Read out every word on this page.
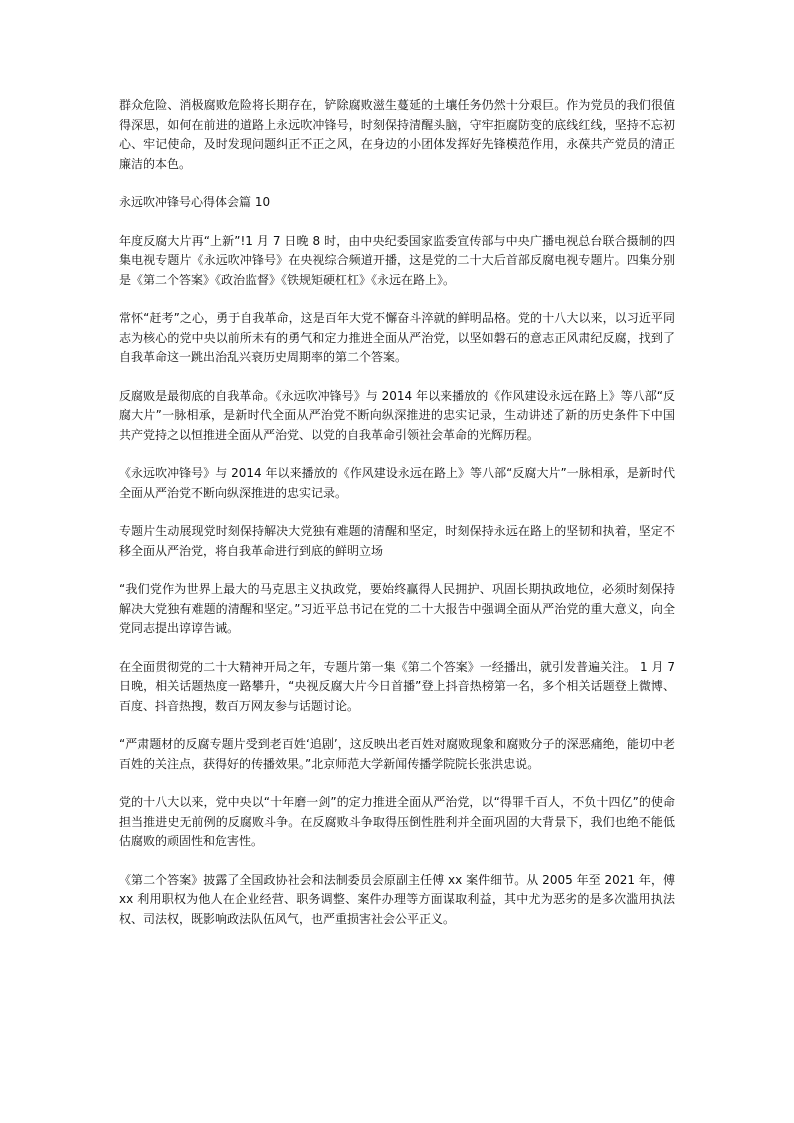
群众危险、消极腐败危险将长期存在，铲除腐败滋生蔓延的土壤任务仍然十分艰巨。作为党员的我们很值得深思，如何在前进的道路上永远吹冲锋号，时刻保持清醒头脑，守牢拒腐防变的底线红线，坚持不忘初心、牢记使命，及时发现问题纠正不正之风，在身边的小团体发挥好先锋模范作用，永葆共产党员的清正廉洁的本色。

永远吹冲锋号心得体会篇 10

年度反腐大片再“上新”!1 月 7 日晚 8 时，由中央纪委国家监委宣传部与中央广播电视总台联合摄制的四集电视专题片《永远吹冲锋号》在央视综合频道开播，这是党的二十大后首部反腐电视专题片。四集分别是《第二个答案》《政治监督》《铁规矩硬杠杠》《永远在路上》。

常怀“赶考”之心，勇于自我革命，这是百年大党不懈奋斗淬就的鲜明品格。党的十八大以来，以习近平同志为核心的党中央以前所未有的勇气和定力推进全面从严治党，以坚如磐石的意志正风肃纪反腐，找到了自我革命这一跳出治乱兴衰历史周期率的第二个答案。

反腐败是最彻底的自我革命。《永远吹冲锋号》与 2014 年以来播放的《作风建设永远在路上》等八部“反腐大片”一脉相承，是新时代全面从严治党不断向纵深推进的忠实记录，生动讲述了新的历史条件下中国共产党持之以恒推进全面从严治党、以党的自我革命引领社会革命的光辉历程。

《永远吹冲锋号》与 2014 年以来播放的《作风建设永远在路上》等八部“反腐大片”一脉相承，是新时代全面从严治党不断向纵深推进的忠实记录。

专题片生动展现党时刻保持解决大党独有难题的清醒和坚定，时刻保持永远在路上的坚韧和执着，坚定不移全面从严治党，将自我革命进行到底的鲜明立场

“我们党作为世界上最大的马克思主义执政党，要始终赢得人民拥护、巩固长期执政地位，必须时刻保持解决大党独有难题的清醒和坚定。”习近平总书记在党的二十大报告中强调全面从严治党的重大意义，向全党同志提出谆谆告诫。

在全面贯彻党的二十大精神开局之年，专题片第一集《第二个答案》一经播出，就引发普遍关注。 1 月 7 日晚，相关话题热度一路攀升，“央视反腐大片今日首播”登上抖音热榜第一名，多个相关话题登上微博、百度、抖音热搜，数百万网友参与话题讨论。

“严肃题材的反腐专题片受到老百姓‘追剧’，这反映出老百姓对腐败现象和腐败分子的深恶痛绝，能切中老百姓的关注点，获得好的传播效果。”北京师范大学新闻传播学院院长张洪忠说。

党的十八大以来，党中央以“十年磨一剑”的定力推进全面从严治党，以“得罪千百人，不负十四亿”的使命担当推进史无前例的反腐败斗争。在反腐败斗争取得压倒性胜利并全面巩固的大背景下，我们也绝不能低估腐败的顽固性和危害性。

《第二个答案》披露了全国政协社会和法制委员会原副主任傅 xx 案件细节。从 2005 年至 2021 年，傅 xx 利用职权为他人在企业经营、职务调整、案件办理等方面谋取利益，其中尤为恶劣的是多次滥用执法权、司法权，既影响政法队伍风气，也严重损害社会公平正义。
